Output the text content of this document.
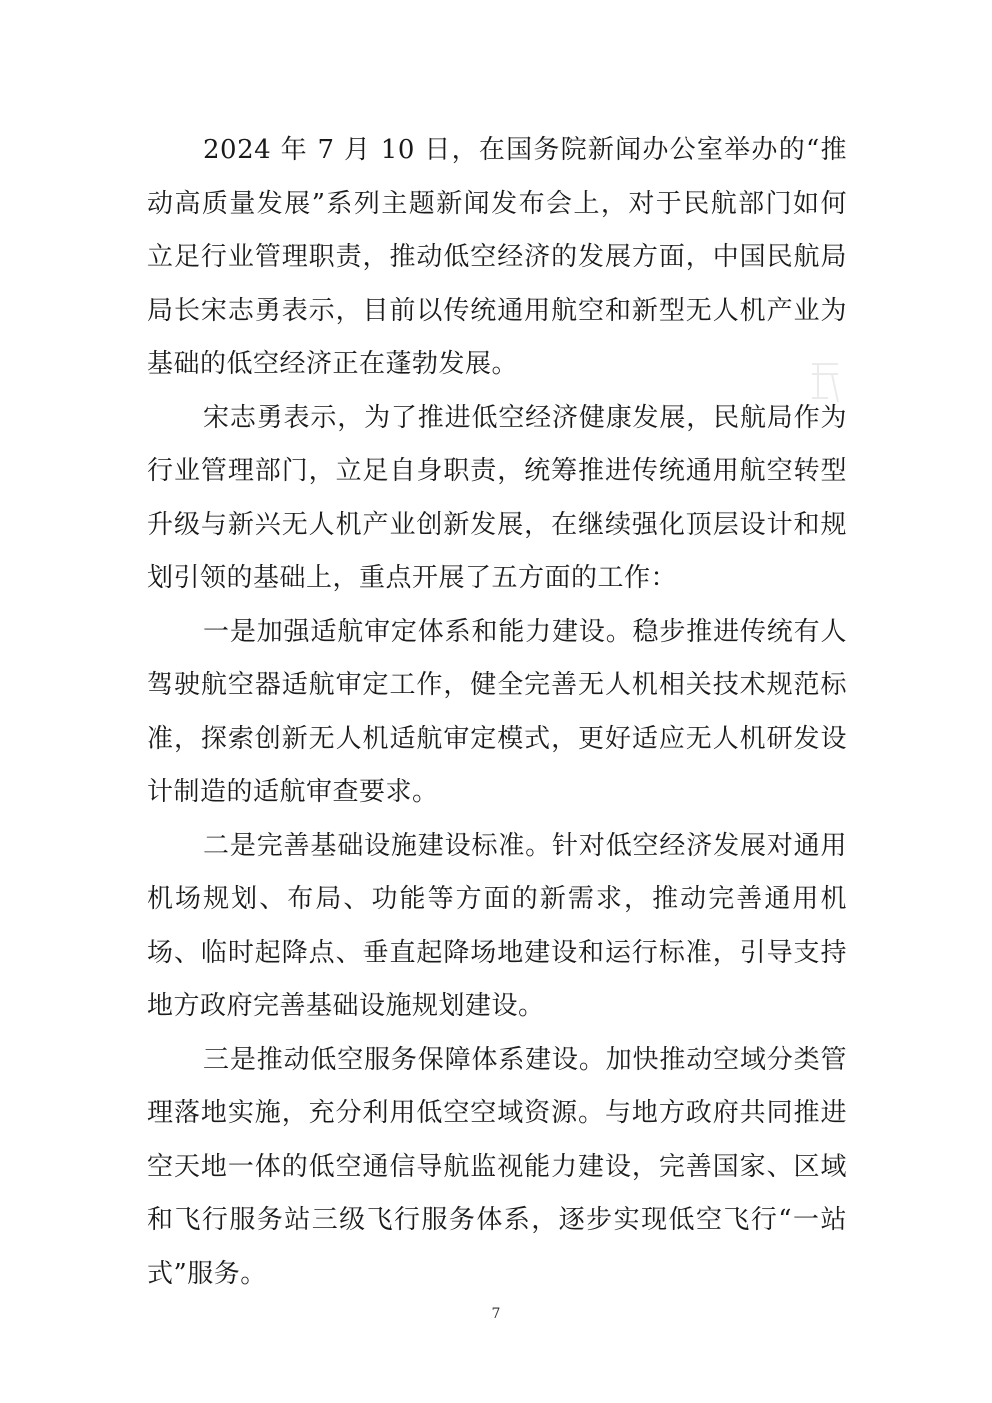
2024 年 7 月 10 日，在国务院新闻办公室举办的“推动高质量发展”系列主题新闻发布会上，对于民航部门如何立足行业管理职责，推动低空经济的发展方面，中国民航局局长宋志勇表示，目前以传统通用航空和新型无人机产业为基础的低空经济正在蓬勃发展。

宋志勇表示，为了推进低空经济健康发展，民航局作为行业管理部门，立足自身职责，统筹推进传统通用航空转型升级与新兴无人机产业创新发展，在继续强化顶层设计和规划引领的基础上，重点开展了五方面的工作：

一是加强适航审定体系和能力建设。稳步推进传统有人驾驶航空器适航审定工作，健全完善无人机相关技术规范标准，探索创新无人机适航审定模式，更好适应无人机研发设计制造的适航审查要求。

二是完善基础设施建设标准。针对低空经济发展对通用机场规划、布局、功能等方面的新需求，推动完善通用机场、临时起降点、垂直起降场地建设和运行标准，引导支持地方政府完善基础设施规划建设。

三是推动低空服务保障体系建设。加快推动空域分类管理落地实施，充分利用低空空域资源。与地方政府共同推进空天地一体的低空通信导航监视能力建设，完善国家、区域和飞行服务站三级飞行服务体系，逐步实现低空飞行“一站式”服务。

7
